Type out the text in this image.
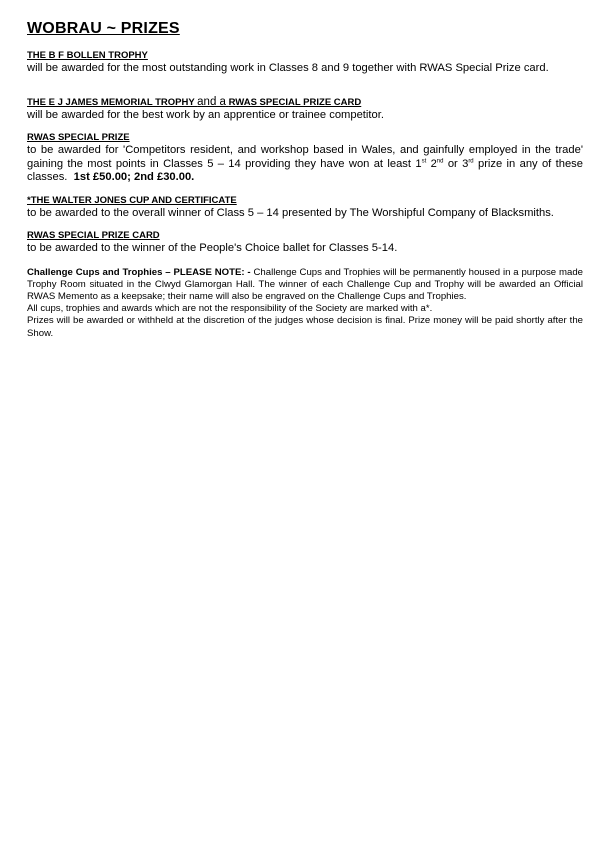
WOBRAU ~ PRIZES
THE B F BOLLEN TROPHY
will be awarded for the most outstanding work in Classes 8 and 9 together with RWAS Special Prize card.
THE E J JAMES MEMORIAL TROPHY and a RWAS SPECIAL PRIZE CARD
will be awarded for the best work by an apprentice or trainee competitor.
RWAS SPECIAL PRIZE
to be awarded for 'Competitors resident, and workshop based in Wales, and gainfully employed in the trade' gaining the most points in Classes 5 – 14 providing they have won at least 1st 2nd or 3rd prize in any of these classes. 1st £50.00; 2nd £30.00.
*THE WALTER JONES CUP AND CERTIFICATE
to be awarded to the overall winner of Class 5 – 14 presented by The Worshipful Company of Blacksmiths.
RWAS SPECIAL PRIZE CARD
to be awarded to the winner of the People's Choice ballet for Classes 5-14.

Challenge Cups and Trophies – PLEASE NOTE: - Challenge Cups and Trophies will be permanently housed in a purpose made Trophy Room situated in the Clwyd Glamorgan Hall. The winner of each Challenge Cup and Trophy will be awarded an Official RWAS Memento as a keepsake; their name will also be engraved on the Challenge Cups and Trophies.

All cups, trophies and awards which are not the responsibility of the Society are marked with a*.

Prizes will be awarded or withheld at the discretion of the judges whose decision is final. Prize money will be paid shortly after the Show.
